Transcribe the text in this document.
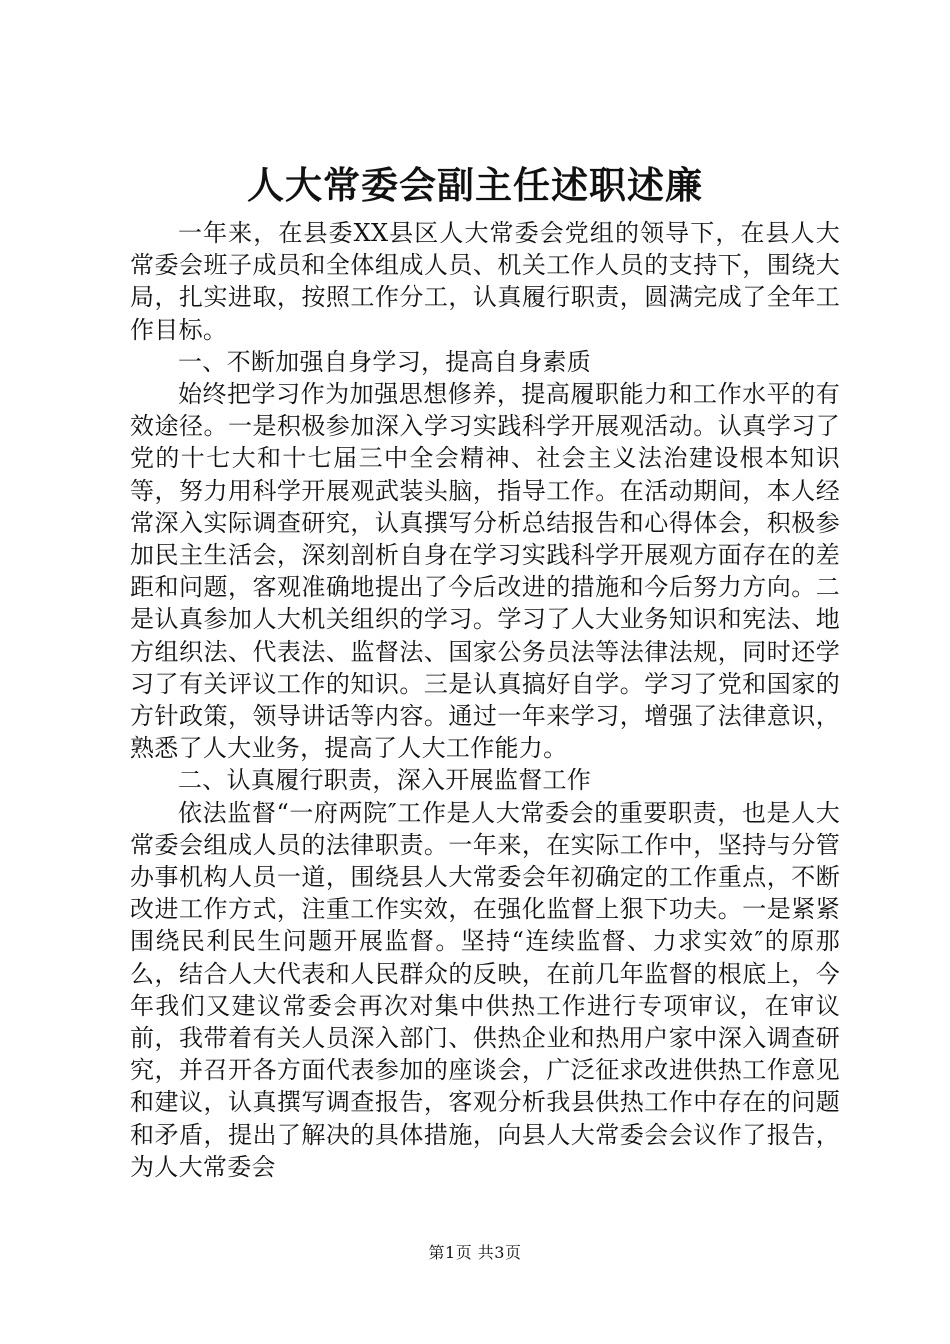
人大常委会副主任述职述廉

一年来，在县委XX县区人大常委会党组的领导下，在县人大常委会班子成员和全体组成人员、机关工作人员的支持下，围绕大局，扎实进取，按照工作分工，认真履行职责，圆满完成了全年工作目标。

一、不断加强自身学习，提高自身素质

始终把学习作为加强思想修养，提高履职能力和工作水平的有效途径。一是积极参加深入学习实践科学开展观活动。认真学习了党的十七大和十七届三中全会精神、社会主义法治建设根本知识等，努力用科学开展观武装头脑，指导工作。在活动期间，本人经常深入实际调查研究，认真撰写分析总结报告和心得体会，积极参加民主生活会，深刻剖析自身在学习实践科学开展观方面存在的差距和问题，客观准确地提出了今后改进的措施和今后努力方向。二是认真参加人大机关组织的学习。学习了人大业务知识和宪法、地方组织法、代表法、监督法、国家公务员法等法律法规，同时还学习了有关评议工作的知识。三是认真搞好自学。学习了党和国家的方针政策，领导讲话等内容。通过一年来学习，增强了法律意识，熟悉了人大业务，提高了人大工作能力。

二、认真履行职责，深入开展监督工作

依法监督“一府两院″工作是人大常委会的重要职责，也是人大常委会组成人员的法律职责。一年来，在实际工作中，坚持与分管办事机构人员一道，围绕县人大常委会年初确定的工作重点，不断改进工作方式，注重工作实效，在强化监督上狠下功夫。一是紧紧围绕民利民生问题开展监督。坚持“连续监督、力求实效″的原那么，结合人大代表和人民群众的反映，在前几年监督的根底上，今年我们又建议常委会再次对集中供热工作进行专项审议，在审议前，我带着有关人员深入部门、供热企业和热用户家中深入调查研究，并召开各方面代表参加的座谈会，广泛征求改进供热工作意见和建议，认真撰写调查报告，客观分析我县供热工作中存在的问题和矛盾，提出了解决的具体措施，向县人大常委会会议作了报告，为人大常委会

第1页 共3页
